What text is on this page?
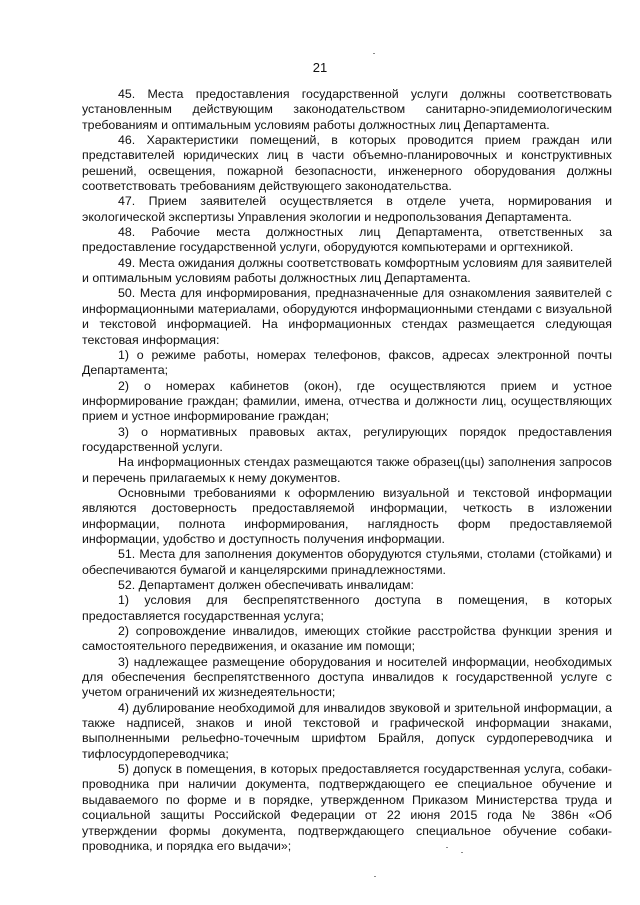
21

45. Места предоставления государственной услуги должны соответствовать установленным действующим законодательством санитарно-эпидемиологическим требованиям и оптимальным условиям работы должностных лиц Департамента.

46. Характеристики помещений, в которых проводится прием граждан или представителей юридических лиц в части объемно-планировочных и конструктивных решений, освещения, пожарной безопасности, инженерного оборудования должны соответствовать требованиям действующего законодательства.

47. Прием заявителей осуществляется в отделе учета, нормирования и экологической экспертизы Управления экологии и недропользования Департамента.

48. Рабочие места должностных лиц Департамента, ответственных за предоставление государственной услуги, оборудуются компьютерами и оргтехникой.

49. Места ожидания должны соответствовать комфортным условиям для заявителей и оптимальным условиям работы должностных лиц Департамента.

50. Места для информирования, предназначенные для ознакомления заявителей с информационными материалами, оборудуются информационными стендами с визуальной и текстовой информацией. На информационных стендах размещается следующая текстовая информация:

1) о режиме работы, номерах телефонов, факсов, адресах электронной почты Департамента;

2) о номерах кабинетов (окон), где осуществляются прием и устное информирование граждан; фамилии, имена, отчества и должности лиц, осуществляющих прием и устное информирование граждан;

3) о нормативных правовых актах, регулирующих порядок предоставления государственной услуги.

На информационных стендах размещаются также образец(цы) заполнения запросов и перечень прилагаемых к нему документов.

Основными требованиями к оформлению визуальной и текстовой информации являются достоверность предоставляемой информации, четкость в изложении информации, полнота информирования, наглядность форм предоставляемой информации, удобство и доступность получения информации.

51. Места для заполнения документов оборудуются стульями, столами (стойками) и обеспечиваются бумагой и канцелярскими принадлежностями.

52. Департамент должен обеспечивать инвалидам:

1) условия для беспрепятственного доступа в помещения, в которых предоставляется государственная услуга;

2) сопровождение инвалидов, имеющих стойкие расстройства функции зрения и самостоятельного передвижения, и оказание им помощи;

3) надлежащее размещение оборудования и носителей информации, необходимых для обеспечения беспрепятственного доступа инвалидов к государственной услуге с учетом ограничений их жизнедеятельности;

4) дублирование необходимой для инвалидов звуковой и зрительной информации, а также надписей, знаков и иной текстовой и графической информации знаками, выполненными рельефно-точечным шрифтом Брайля, допуск сурдопереводчика и тифлосурдопереводчика;

5) допуск в помещения, в которых предоставляется государственная услуга, собаки-проводника при наличии документа, подтверждающего ее специальное обучение и выдаваемого по форме и в порядке, утвержденном Приказом Министерства труда и социальной защиты Российской Федерации от 22 июня 2015 года № 386н «Об утверждении формы документа, подтверждающего специальное обучение собаки-проводника, и порядка его выдачи»;
